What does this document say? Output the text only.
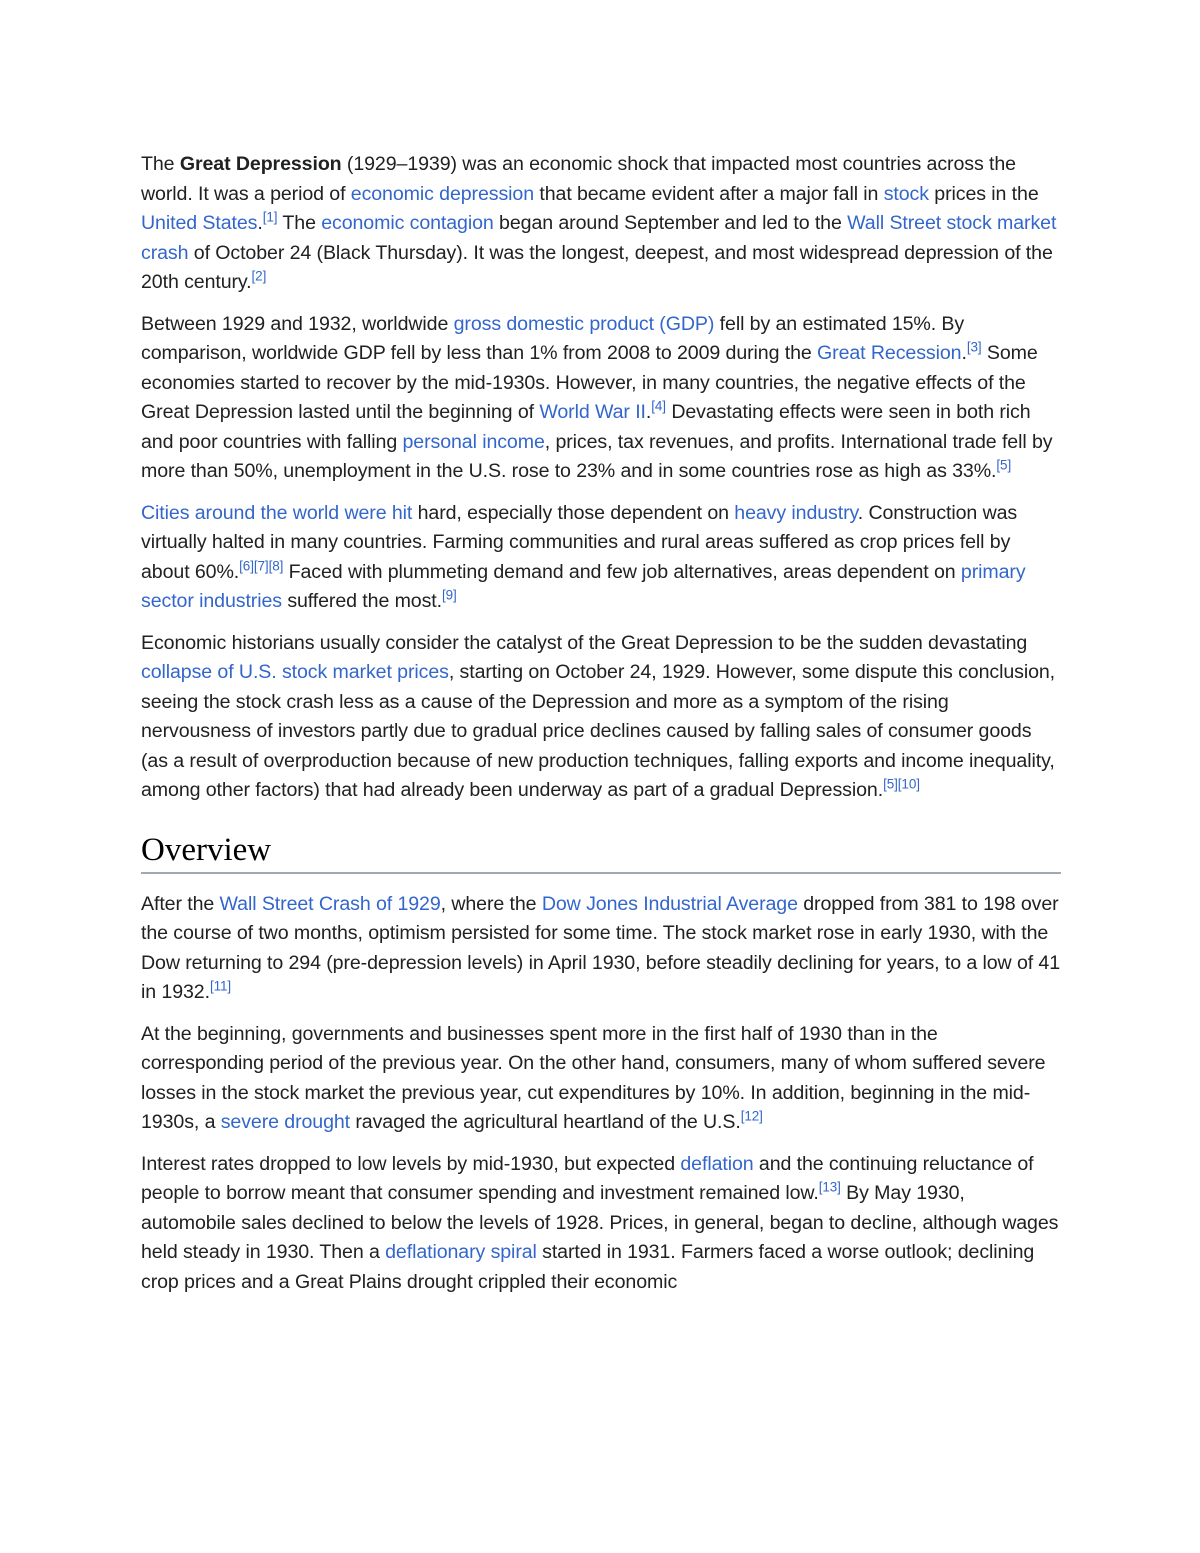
The Great Depression (1929–1939) was an economic shock that impacted most countries across the world. It was a period of economic depression that became evident after a major fall in stock prices in the United States.[1] The economic contagion began around September and led to the Wall Street stock market crash of October 24 (Black Thursday). It was the longest, deepest, and most widespread depression of the 20th century.[2]

Between 1929 and 1932, worldwide gross domestic product (GDP) fell by an estimated 15%. By comparison, worldwide GDP fell by less than 1% from 2008 to 2009 during the Great Recession.[3] Some economies started to recover by the mid-1930s. However, in many countries, the negative effects of the Great Depression lasted until the beginning of World War II.[4] Devastating effects were seen in both rich and poor countries with falling personal income, prices, tax revenues, and profits. International trade fell by more than 50%, unemployment in the U.S. rose to 23% and in some countries rose as high as 33%.[5]

Cities around the world were hit hard, especially those dependent on heavy industry. Construction was virtually halted in many countries. Farming communities and rural areas suffered as crop prices fell by about 60%.[6][7][8] Faced with plummeting demand and few job alternatives, areas dependent on primary sector industries suffered the most.[9]

Economic historians usually consider the catalyst of the Great Depression to be the sudden devastating collapse of U.S. stock market prices, starting on October 24, 1929. However, some dispute this conclusion, seeing the stock crash less as a cause of the Depression and more as a symptom of the rising nervousness of investors partly due to gradual price declines caused by falling sales of consumer goods (as a result of overproduction because of new production techniques, falling exports and income inequality, among other factors) that had already been underway as part of a gradual Depression.[5][10]

Overview

After the Wall Street Crash of 1929, where the Dow Jones Industrial Average dropped from 381 to 198 over the course of two months, optimism persisted for some time. The stock market rose in early 1930, with the Dow returning to 294 (pre-depression levels) in April 1930, before steadily declining for years, to a low of 41 in 1932.[11]

At the beginning, governments and businesses spent more in the first half of 1930 than in the corresponding period of the previous year. On the other hand, consumers, many of whom suffered severe losses in the stock market the previous year, cut expenditures by 10%. In addition, beginning in the mid-1930s, a severe drought ravaged the agricultural heartland of the U.S.[12]

Interest rates dropped to low levels by mid-1930, but expected deflation and the continuing reluctance of people to borrow meant that consumer spending and investment remained low.[13] By May 1930, automobile sales declined to below the levels of 1928. Prices, in general, began to decline, although wages held steady in 1930. Then a deflationary spiral started in 1931. Farmers faced a worse outlook; declining crop prices and a Great Plains drought crippled their economic
